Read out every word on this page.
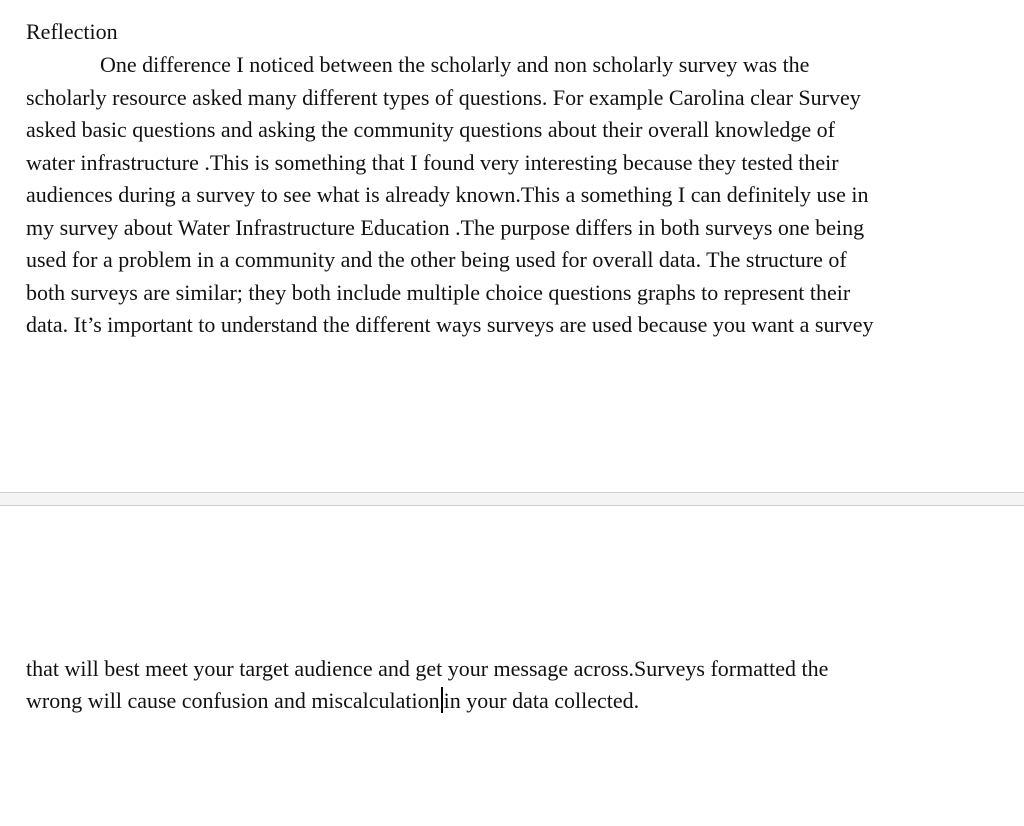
Reflection

One difference I noticed between the scholarly and non scholarly survey was the

scholarly resource asked many different types of questions. For example Carolina clear Survey

asked basic questions and asking the community questions about their overall knowledge of

water infrastructure .This is something that I found very interesting because they tested their

audiences during a survey to see what is already known.This a something I can definitely use in

my survey about Water Infrastructure Education .The purpose differs in both surveys one being

used for a problem in a community and the other being used for overall data. The structure of

both surveys are similar; they both include multiple choice questions graphs to represent their

data. It’s important to understand the different ways surveys are used because you want a survey

that will best meet your target audience and get your message across.Surveys formatted the

wrong will cause confusion and miscalculation in your data collected.
